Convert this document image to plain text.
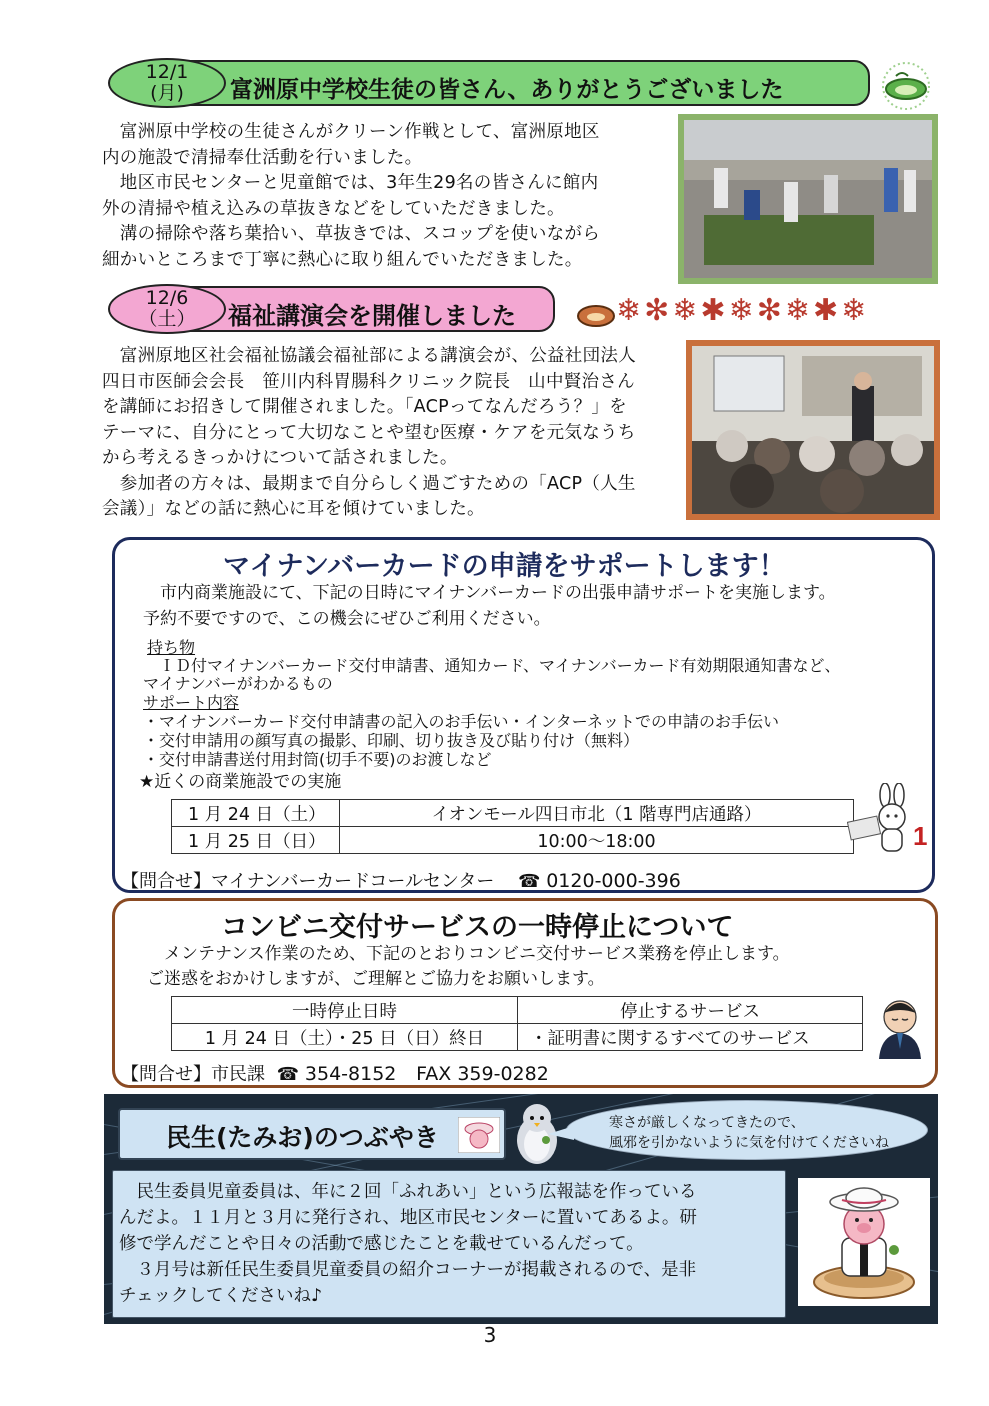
富洲原中学校生徒の皆さん、ありがとうございました
12/1
(月)

　富洲原中学校の生徒さんがクリーン作戦として、富洲原地区

内の施設で清掃奉仕活動を行いました。

　地区市民センターと児童館では、3年生29名の皆さんに館内

外の清掃や植え込みの草抜きなどをしていただきました。

　溝の掃除や落ち葉拾い、草抜きでは、スコップを使いながら

細かいところまで丁寧に熱心に取り組んでいただきました。

福祉講演会を開催しました
12/6
（土）	❄✻❄✱❄✻❄✱❄

　富洲原地区社会福祉協議会福祉部による講演会が、公益社団法人

四日市医師会会長　笹川内科胃腸科クリニック院長　山中賢治さん

を講師にお招きして開催されました。「ACPってなんだろう？」を

テーマに、自分にとって大切なことや望む医療・ケアを元気なうち

から考えるきっかけについて話されました。

　参加者の方々は、最期まで自分らしく過ごすための「ACP（人生

会議）」などの話に熱心に耳を傾けていました。

マイナンバーカードの申請をサポートします！
　市内商業施設にて、下記の日時にマイナンバーカードの出張申請サポートを実施します。
予約不要ですので、この機会にぜひご利用ください。
持ち物
　ＩＤ付マイナンバーカード交付申請書、通知カード、マイナンバーカード有効期限通知書など、
マイナンバーがわかるもの
サポート内容
・マイナンバーカード交付申請書の記入のお手伝い・インターネットでの申請のお手伝い
・交付申請用の顔写真の撮影、印刷、切り抜き及び貼り付け（無料）
・交付申請書送付用封筒(切手不要)のお渡しなど
★近くの商業施設での実施
1 月 24 日（土）	イオンモール四日市北（1 階専門店通路）
1 月 25 日（日）	10:00～18:00	1
【問合せ】マイナンバーカードコールセンター ☎ 0120-000-396
コンビニ交付サービスの一時停止について
　メンテナンス作業のため、下記のとおりコンビニ交付サービス業務を停止します。
ご迷惑をおかけしますが、ご理解とご協力をお願いします。
一時停止日時	停止するサービス
1 月 24 日（土）・25 日（日）終日	・証明書に関するすべてのサービス
【問合せ】市民課 ☎ 354-8152 FAX 359-0282
民生(たみお)のつぶやき	寒さが厳しくなってきたので、
風邪を引かないように気を付けてくださいね

　民生委員児童委員は、年に２回「ふれあい」という広報誌を作っている

んだよ。１１月と３月に発行され、地区市民センターに置いてあるよ。研

修で学んだことや日々の活動で感じたことを載せているんだって。

　３月号は新任民生委員児童委員の紹介コーナーが掲載されるので、是非

チェックしてくださいね♪

3
